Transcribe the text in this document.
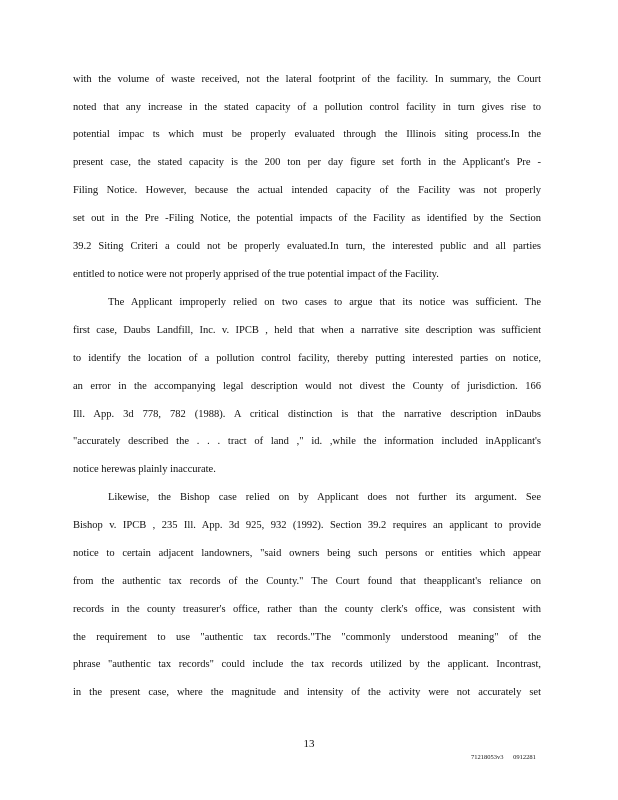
with the volume of waste received, not the lateral footprint of the facility. In summary, the Court
noted that any increase in the stated capacity of a pollution control facility in turn gives rise to
potential impac ts which must be properly evaluated through the Illinois siting process.In the
present case, the stated capacity is the 200 ton per day figure set forth in the Applicant's Pre -
Filing Notice. However, because the actual intended capacity of the Facility was not properly
set out in the Pre -Filing Notice, the potential impacts of the Facility as identified by the Section
39.2 Siting Criteri a could not be properly evaluated.In turn, the interested public and all parties
entitled to notice were not properly apprised of the true potential impact of the Facility.
The Applicant improperly relied on two cases to argue that its notice was sufficient. The
first case, Daubs Landfill, Inc. v. IPCB , held that when a narrative site description was sufficient
to identify the location of a pollution control facility, thereby putting interested parties on notice,
an error in the accompanying legal description would not divest the County of jurisdiction. 166
Ill. App. 3d 778, 782 (1988). A critical distinction is that the narrative description inDaubs
"accurately described the . . . tract of land ," id. ,while the information included inApplicant's
notice herewas plainly inaccurate.
Likewise, the Bishop case relied on by Applicant does not further its argument. See
Bishop v. IPCB , 235 Ill. App. 3d 925, 932 (1992). Section 39.2 requires an applicant to provide
notice to certain adjacent landowners, "said owners being such persons or entities which appear
from the authentic tax records of the County." The Court found that theapplicant's reliance on
records in the county treasurer's office, rather than the county clerk's office, was consistent with
the requirement to use "authentic tax records."The "commonly understood meaning" of the
phrase "authentic tax records" could include the tax records utilized by the applicant. Incontrast,
in the present case, where the magnitude and intensity of the activity were not accurately set
13
71218053v3 0912281
